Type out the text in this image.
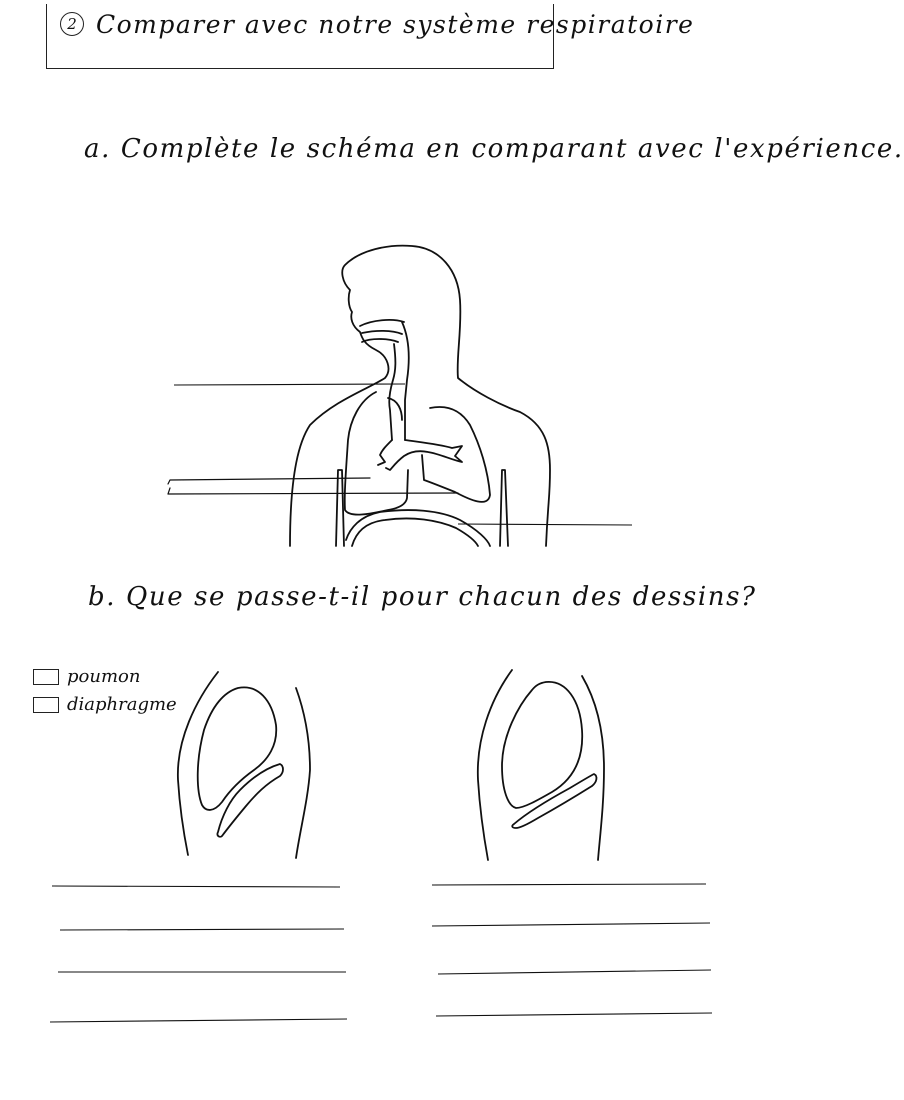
2 Comparer avec notre système respiratoire
a. Complète le schéma en comparant avec l'expérience.
b. Que se passe-t-il pour chacun des dessins?
poumon
diaphragme
